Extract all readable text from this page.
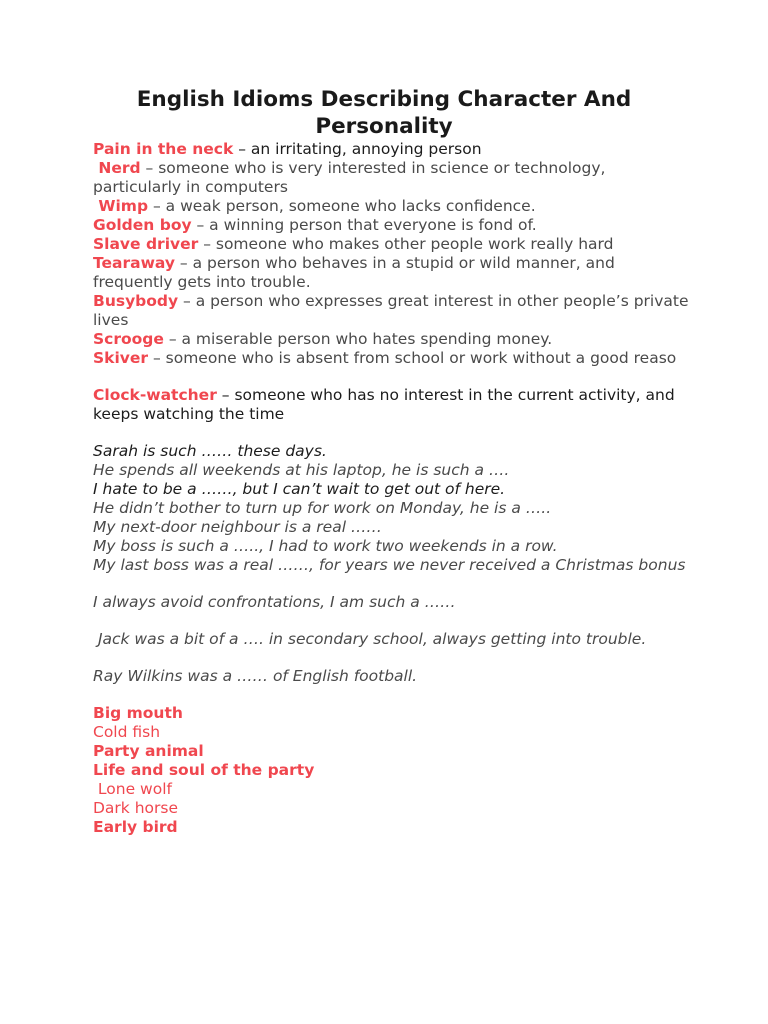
English Idioms Describing Character And Personality

Pain in the neck – an irritating, annoying person

Nerd – someone who is very interested in science or technology, particularly in computers

Wimp – a weak person, someone who lacks confidence.

Golden boy – a winning person that everyone is fond of.

Slave driver – someone who makes other people work really hard

Tearaway – a person who behaves in a stupid or wild manner, and frequently gets into trouble.

Busybody – a person who expresses great interest in other people’s private lives

Scrooge – a miserable person who hates spending money.

Skiver – someone who is absent from school or work without a good reaso

Clock-watcher – someone who has no interest in the current activity, and keeps watching the time

Sarah is such …… these days.

He spends all weekends at his laptop, he is such a ….

I hate to be a ……, but I can’t wait to get out of here.

He didn’t bother to turn up for work on Monday, he is a …..

My next-door neighbour is a real ……

My boss is such a ….., I had to work two weekends in a row.

My last boss was a real ……, for years we never received a Christmas bonus

I always avoid confrontations, I am such a ……

Jack was a bit of a …. in secondary school, always getting into trouble.

Ray Wilkins was a …… of English football.

Big mouth

Cold fish

Party animal

Life and soul of the party

Lone wolf

Dark horse

Early bird
